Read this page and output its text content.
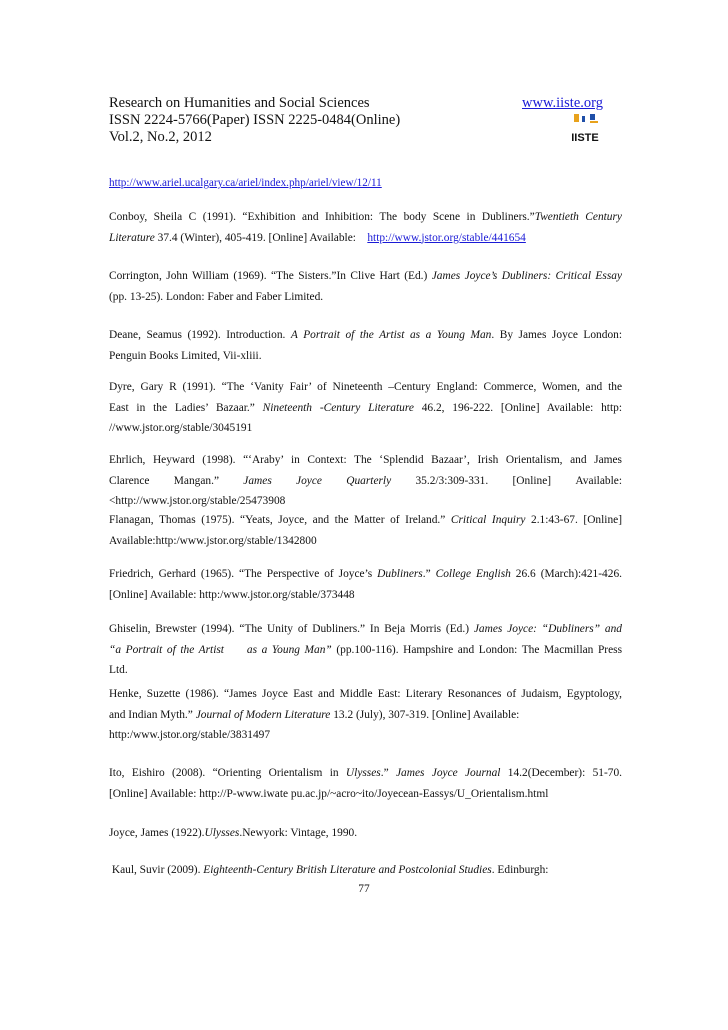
Research on Humanities and Social Sciences
ISSN 2224-5766(Paper) ISSN 2225-0484(Online)
Vol.2, No.2, 2012
www.iiste.org
IISTE
http://www.ariel.ucalgary.ca/ariel/index.php/ariel/view/12/11
Conboy, Sheila C (1991). “Exhibition and Inhibition: The body Scene in Dubliners.”Twentieth Century
Literature 37.4 (Winter), 405-419. [Online] Available: http://www.jstor.org/stable/441654
Corrington, John William (1969). “The Sisters.”In Clive Hart (Ed.) James Joyce’s Dubliners: Critical Essay
(pp. 13-25). London: Faber and Faber Limited.
Deane, Seamus (1992). Introduction. A Portrait of the Artist as a Young Man. By James Joyce London:
Penguin Books Limited, Vii-xliii.
Dyre, Gary R (1991). “The ‘Vanity Fair’ of Nineteenth –Century England: Commerce, Women, and the
East in the Ladies’ Bazaar.” Nineteenth -Century Literature 46.2, 196-222. [Online] Available: http:
//www.jstor.org/stable/3045191
Ehrlich, Heyward (1998). “‘Araby’ in Context: The ‘Splendid Bazaar’, Irish Orientalism, and James
Clarence Mangan.” James Joyce Quarterly 35.2/3:309-331. [Online] Available:
<http://www.jstor.org/stable/25473908
Flanagan, Thomas (1975). “Yeats, Joyce, and the Matter of Ireland.” Critical Inquiry 2.1:43-67. [Online]
Available:http:/www.jstor.org/stable/1342800
Friedrich, Gerhard (1965). “The Perspective of Joyce’s Dubliners.” College English 26.6 (March):421-426.
[Online] Available: http:/www.jstor.org/stable/373448
Ghiselin, Brewster (1994). “The Unity of Dubliners.” In Beja Morris (Ed.) James Joyce: “Dubliners” and
“a Portrait of the Artist     as a Young Man” (pp.100-116). Hampshire and London: The Macmillan Press
Ltd.
Henke, Suzette (1986). “James Joyce East and Middle East: Literary Resonances of Judaism, Egyptology,
and Indian Myth.” Journal of Modern Literature 13.2 (July), 307-319. [Online] Available:
http:/www.jstor.org/stable/3831497
Ito, Eishiro (2008). “Orienting Orientalism in Ulysses.” James Joyce Journal 14.2(December): 51-70.
[Online] Available: http://P-www.iwate pu.ac.jp/~acro~ito/Joyecean-Eassys/U_Orientalism.html
Joyce, James (1922).Ulysses.Newyork: Vintage, 1990.
Kaul, Suvir (2009). Eighteenth-Century British Literature and Postcolonial Studies. Edinburgh:
77
